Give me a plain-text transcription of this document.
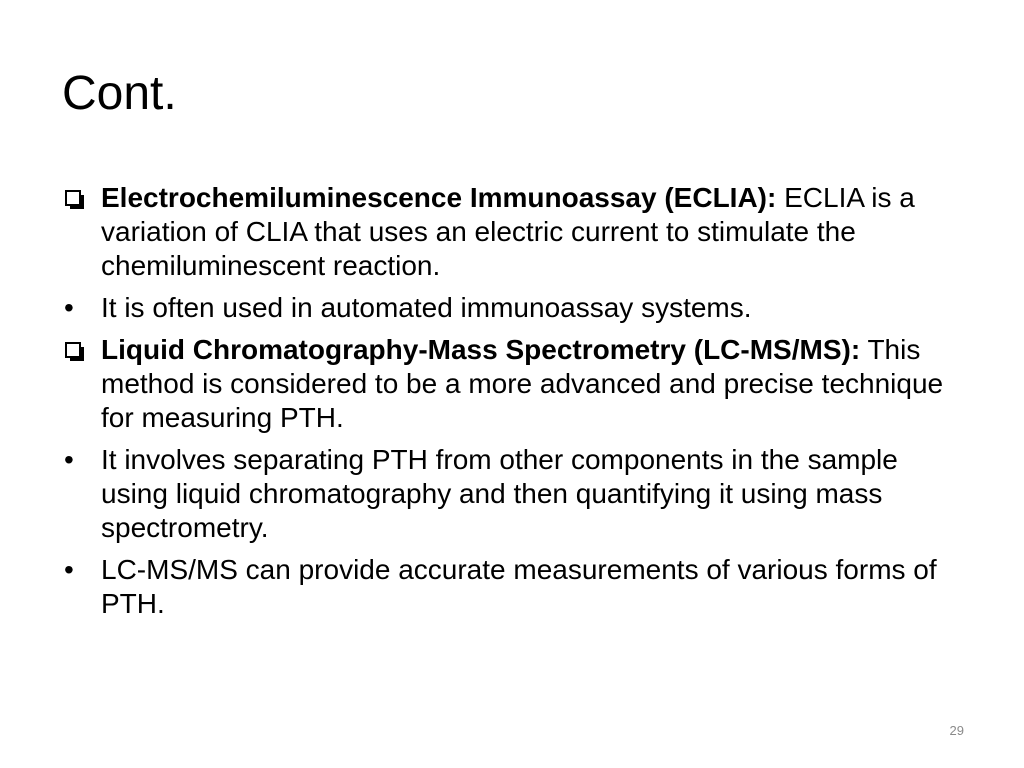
Cont.
Electrochemiluminescence Immunoassay (ECLIA): ECLIA is a variation of CLIA that uses an electric current to stimulate the chemiluminescent reaction.
• It is often used in automated immunoassay systems.
Liquid Chromatography-Mass Spectrometry (LC-MS/MS): This method is considered to be a more advanced and precise technique for measuring PTH.
• It involves separating PTH from other components in the sample using liquid chromatography and then quantifying it using mass spectrometry.
• LC-MS/MS can provide accurate measurements of various forms of PTH.
29
